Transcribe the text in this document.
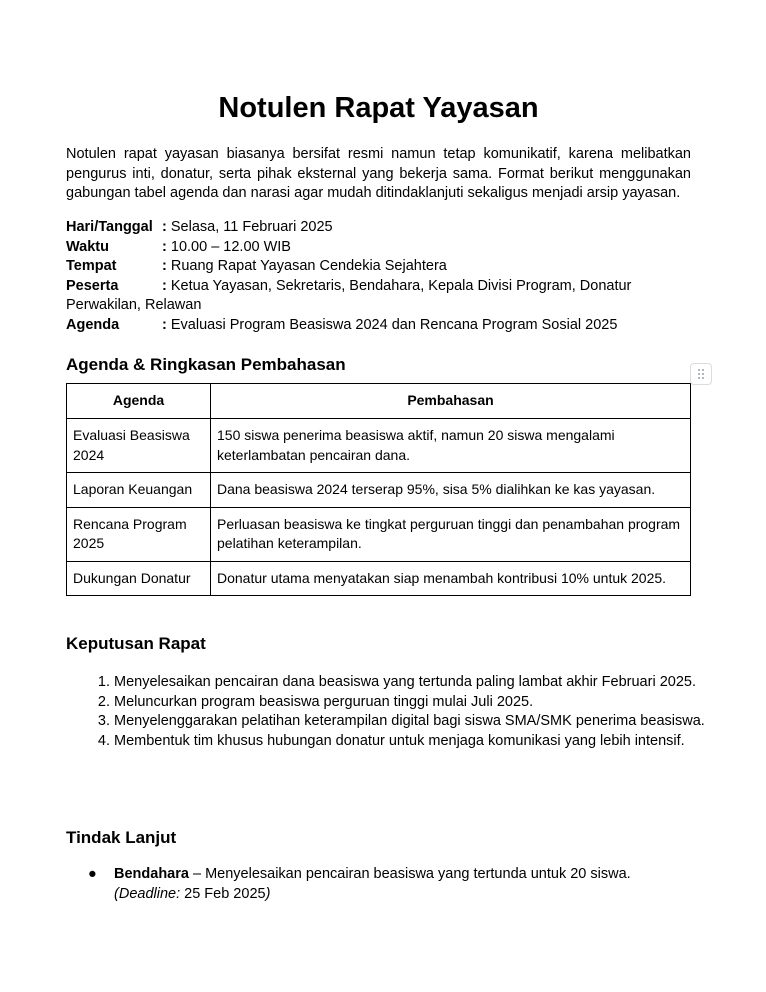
Notulen Rapat Yayasan

Notulen rapat yayasan biasanya bersifat resmi namun tetap komunikatif, karena melibatkan pengurus inti, donatur, serta pihak eksternal yang bekerja sama. Format berikut menggunakan gabungan tabel agenda dan narasi agar mudah ditindaklanjuti sekaligus menjadi arsip yayasan.

Hari/Tanggal : Selasa, 11 Februari 2025

Waktu	: 10.00 – 12.00 WIB

Tempat	: Ruang Rapat Yayasan Cendekia Sejahtera

Peserta	: Ketua Yayasan, Sekretaris, Bendahara, Kepala Divisi Program, Donatur Perwakilan, Relawan

Agenda	: Evaluasi Program Beasiswa 2024 dan Rencana Program Sosial 2025

Agenda & Ringkasan Pembahasan
Agenda	Pembahasan
Evaluasi Beasiswa 2024	150 siswa penerima beasiswa aktif, namun 20 siswa mengalami keterlambatan pencairan dana.
Laporan Keuangan	Dana beasiswa 2024 terserap 95%, sisa 5% dialihkan ke kas yayasan.
Rencana Program 2025	Perluasan beasiswa ke tingkat perguruan tinggi dan penambahan program pelatihan keterampilan.
Dukungan Donatur	Donatur utama menyatakan siap menambah kontribusi 10% untuk 2025.
Keputusan Rapat
1. Menyelesaikan pencairan dana beasiswa yang tertunda paling lambat akhir Februari 2025.
2. Meluncurkan program beasiswa perguruan tinggi mulai Juli 2025.
3. Menyelenggarakan pelatihan keterampilan digital bagi siswa SMA/SMK penerima beasiswa.
4. Membentuk tim khusus hubungan donatur untuk menjaga komunikasi yang lebih intensif.
Tindak Lanjut
● Bendahara – Menyelesaikan pencairan beasiswa yang tertunda untuk 20 siswa.
(Deadline: 25 Feb 2025)
